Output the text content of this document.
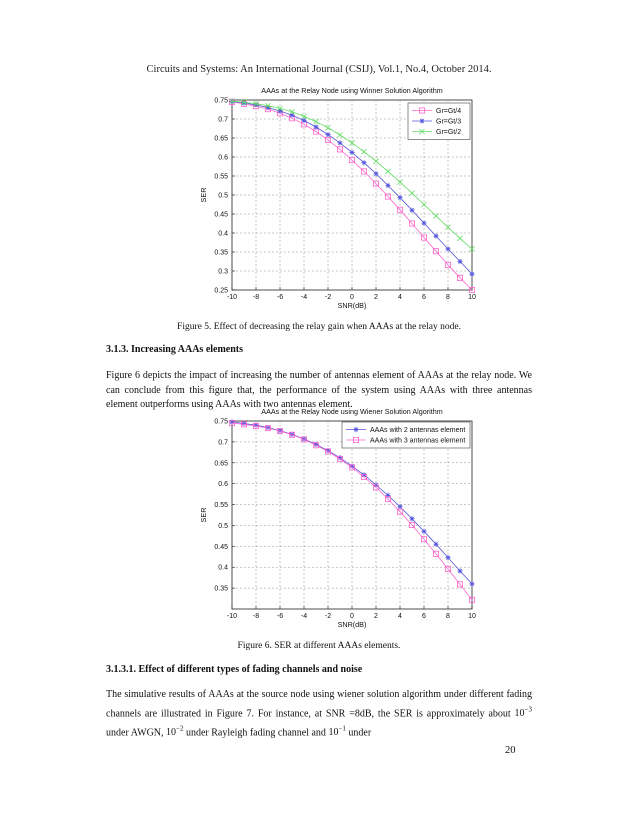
Circuits and Systems: An International Journal (CSIJ), Vol.1, No.4, October 2014.
AAAs at the Relay Node using Winner Solution Algorithm
-10 -8	-6	-4	-2	0	2	4	6	8	10
0.25
0.3
0.35
0.4
0.45
0.5
0.55
0.6
0.65
0.7
0.75
SNR(dB)
SER
Gr=Gt/4
Gr=Gt/3
Gr=Gt/2
Figure 5. Effect of decreasing the relay gain when AAAs at the relay node.
3.1.3. Increasing AAAs elements
Figure 6 depicts the impact of increasing the number of antennas element of AAAs at the relay node. We can conclude from this figure that, the performance of the system using AAAs with three antennas element outperforms using AAAs with two antennas element.
AAAs at the Relay Node using Wiener Solution Algorithm
-10 -8	-6	-4	-2	0	2	4	6	8	10
0.35
0.4
0.45
0.5
0.55
0.6
0.65
0.7
0.75
SNR(dB)
SER
AAAs with 2 antennas element
AAAs with 3 antennas element
Figure 6. SER at different AAAs elements.
3.1.3.1. Effect of different types of fading channels and noise
The simulative results of AAAs at the source node using wiener solution algorithm under different fading channels are illustrated in Figure 7. For instance, at SNR =8dB, the SER is approximately about $10^{-3}$ under AWGN, $10^{-2}$ under Rayleigh fading channel and $10^{-1}$ under
20
